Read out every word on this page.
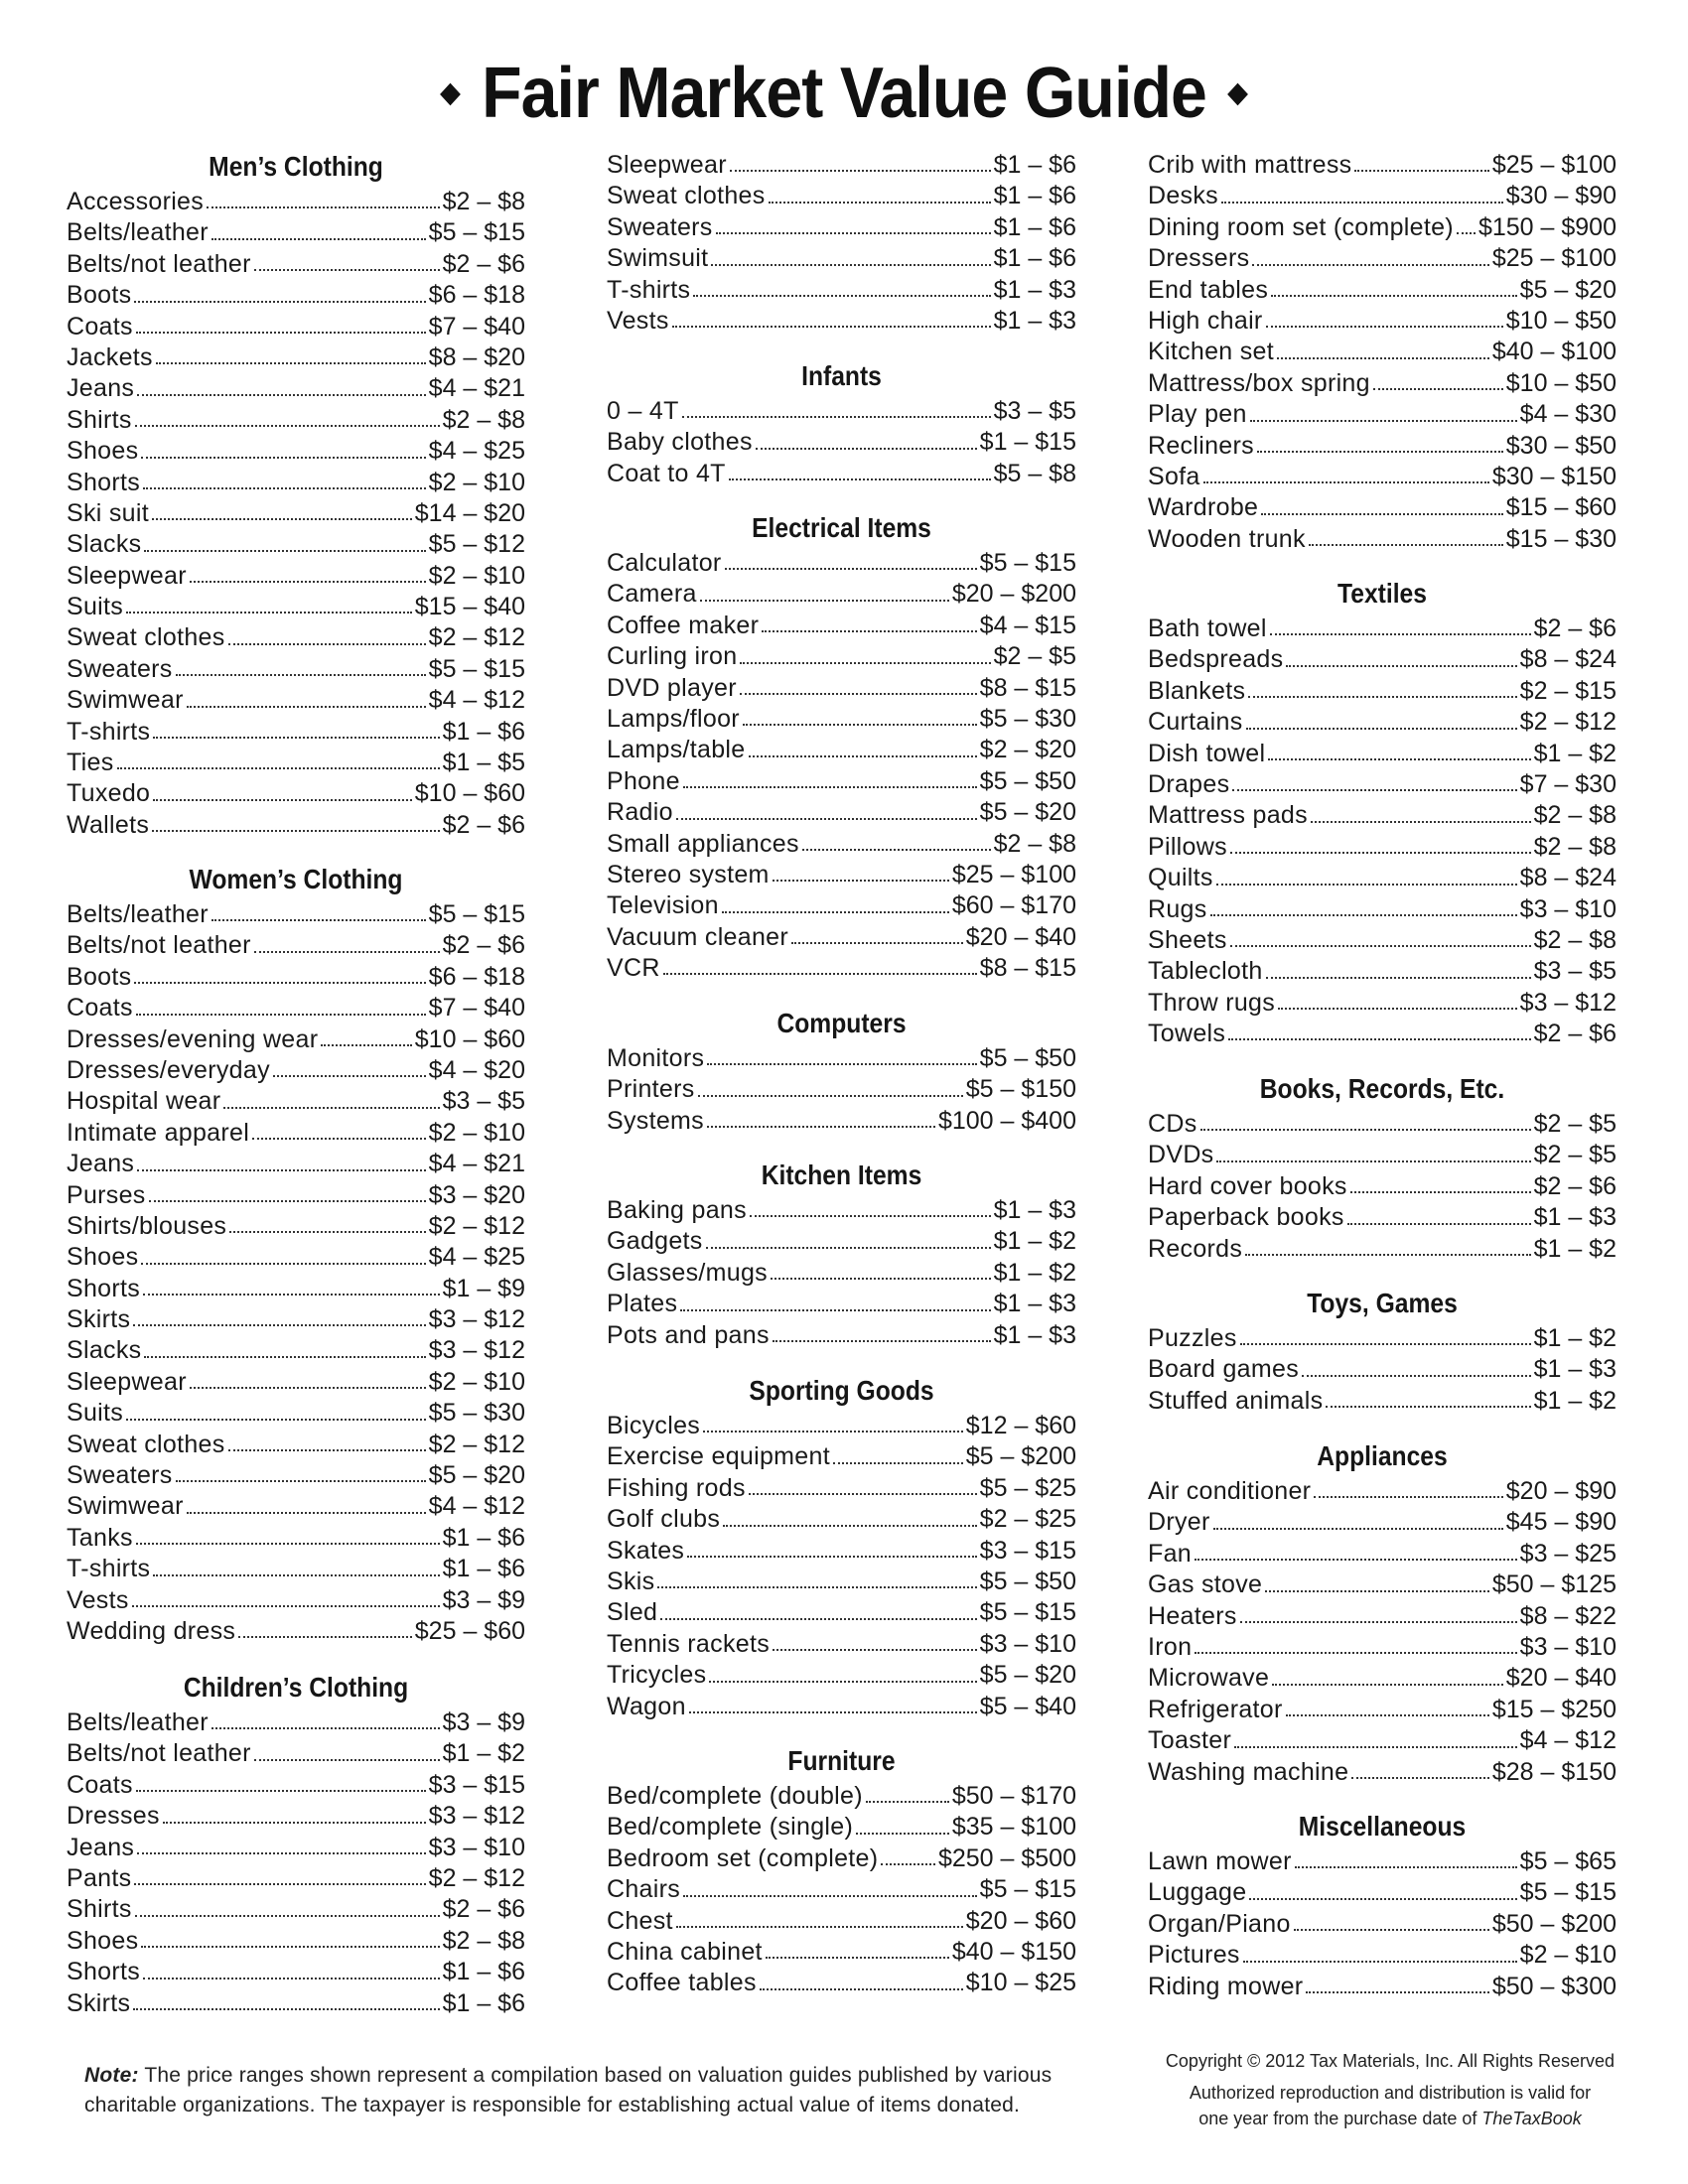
Fair Market Value Guide
Men’s Clothing
Accessories	$2 – $8
Belts/leather	$5 – $15
Belts/not leather	$2 – $6
Boots	$6 – $18
Coats	$7 – $40
Jackets	$8 – $20
Jeans	$4 – $21
Shirts	$2 – $8
Shoes	$4 – $25
Shorts	$2 – $10
Ski suit	$14 – $20
Slacks	$5 – $12
Sleepwear	$2 – $10
Suits	$15 – $40
Sweat clothes	$2 – $12
Sweaters	$5 – $15
Swimwear	$4 – $12
T-shirts	$1 – $6
Ties	$1 – $5
Tuxedo	$10 – $60
Wallets	$2 – $6
Women’s Clothing
Belts/leather	$5 – $15
Belts/not leather	$2 – $6
Boots	$6 – $18
Coats	$7 – $40
Dresses/evening wear	$10 – $60
Dresses/everyday	$4 – $20
Hospital wear	$3 – $5
Intimate apparel	$2 – $10
Jeans	$4 – $21
Purses	$3 – $20
Shirts/blouses	$2 – $12
Shoes	$4 – $25
Shorts	$1 – $9
Skirts	$3 – $12
Slacks	$3 – $12
Sleepwear	$2 – $10
Suits	$5 – $30
Sweat clothes	$2 – $12
Sweaters	$5 – $20
Swimwear	$4 – $12
Tanks	$1 – $6
T-shirts	$1 – $6
Vests	$3 – $9
Wedding dress	$25 – $60
Children’s Clothing
Belts/leather	$3 – $9
Belts/not leather	$1 – $2
Coats	$3 – $15
Dresses	$3 – $12
Jeans	$3 – $10
Pants	$2 – $12
Shirts	$2 – $6
Shoes	$2 – $8
Shorts	$1 – $6
Skirts	$1 – $6
Sleepwear	$1 – $6
Sweat clothes	$1 – $6
Sweaters	$1 – $6
Swimsuit	$1 – $6
T-shirts	$1 – $3
Vests	$1 – $3
Infants
0 – 4T	$3 – $5
Baby clothes	$1 – $15
Coat to 4T	$5 – $8
Electrical Items
Calculator	$5 – $15
Camera	$20 – $200
Coffee maker	$4 – $15
Curling iron	$2 – $5
DVD player	$8 – $15
Lamps/floor	$5 – $30
Lamps/table	$2 – $20
Phone	$5 – $50
Radio	$5 – $20
Small appliances	$2 – $8
Stereo system	$25 – $100
Television	$60 – $170
Vacuum cleaner	$20 – $40
VCR	$8 – $15
Computers
Monitors	$5 – $50
Printers	$5 – $150
Systems	$100 – $400
Kitchen Items
Baking pans	$1 – $3
Gadgets	$1 – $2
Glasses/mugs	$1 – $2
Plates	$1 – $3
Pots and pans	$1 – $3
Sporting Goods
Bicycles	$12 – $60
Exercise equipment	$5 – $200
Fishing rods	$5 – $25
Golf clubs	$2 – $25
Skates	$3 – $15
Skis	$5 – $50
Sled	$5 – $15
Tennis rackets	$3 – $10
Tricycles	$5 – $20
Wagon	$5 – $40
Furniture
Bed/complete (double)	$50 – $170
Bed/complete (single)	$35 – $100
Bedroom set (complete) $250 – $500
Chairs	$5 – $15
Chest	$20 – $60
China cabinet	$40 – $150
Coffee tables	$10 – $25
Crib with mattress	$25 – $100
Desks	$30 – $90
Dining room set (complete) $150 – $900
Dressers	$25 – $100
End tables	$5 – $20
High chair	$10 – $50
Kitchen set	$40 – $100
Mattress/box spring	$10 – $50
Play pen	$4 – $30
Recliners	$30 – $50
Sofa	$30 – $150
Wardrobe	$15 – $60
Wooden trunk	$15 – $30
Textiles
Bath towel	$2 – $6
Bedspreads	$8 – $24
Blankets	$2 – $15
Curtains	$2 – $12
Dish towel	$1 – $2
Drapes	$7 – $30
Mattress pads	$2 – $8
Pillows	$2 – $8
Quilts	$8 – $24
Rugs	$3 – $10
Sheets	$2 – $8
Tablecloth	$3 – $5
Throw rugs	$3 – $12
Towels	$2 – $6
Books, Records, Etc.
CDs	$2 – $5
DVDs	$2 – $5
Hard cover books	$2 – $6
Paperback books	$1 – $3
Records	$1 – $2
Toys, Games
Puzzles	$1 – $2
Board games	$1 – $3
Stuffed animals	$1 – $2
Appliances
Air conditioner	$20 – $90
Dryer	$45 – $90
Fan	$3 – $25
Gas stove	$50 – $125
Heaters	$8 – $22
Iron	$3 – $10
Microwave	$20 – $40
Refrigerator	$15 – $250
Toaster	$4 – $12
Washing machine	$28 – $150
Miscellaneous
Lawn mower	$5 – $65
Luggage	$5 – $15
Organ/Piano	$50 – $200
Pictures	$2 – $10
Riding mower	$50 – $300
Note: The price ranges shown represent a compilation based on valuation guides published by various charitable organizations. The taxpayer is responsible for establishing actual value of items donated.
Copyright © 2012 Tax Materials, Inc. All Rights Reserved
Authorized reproduction and distribution is valid for
one year from the purchase date of TheTaxBook
